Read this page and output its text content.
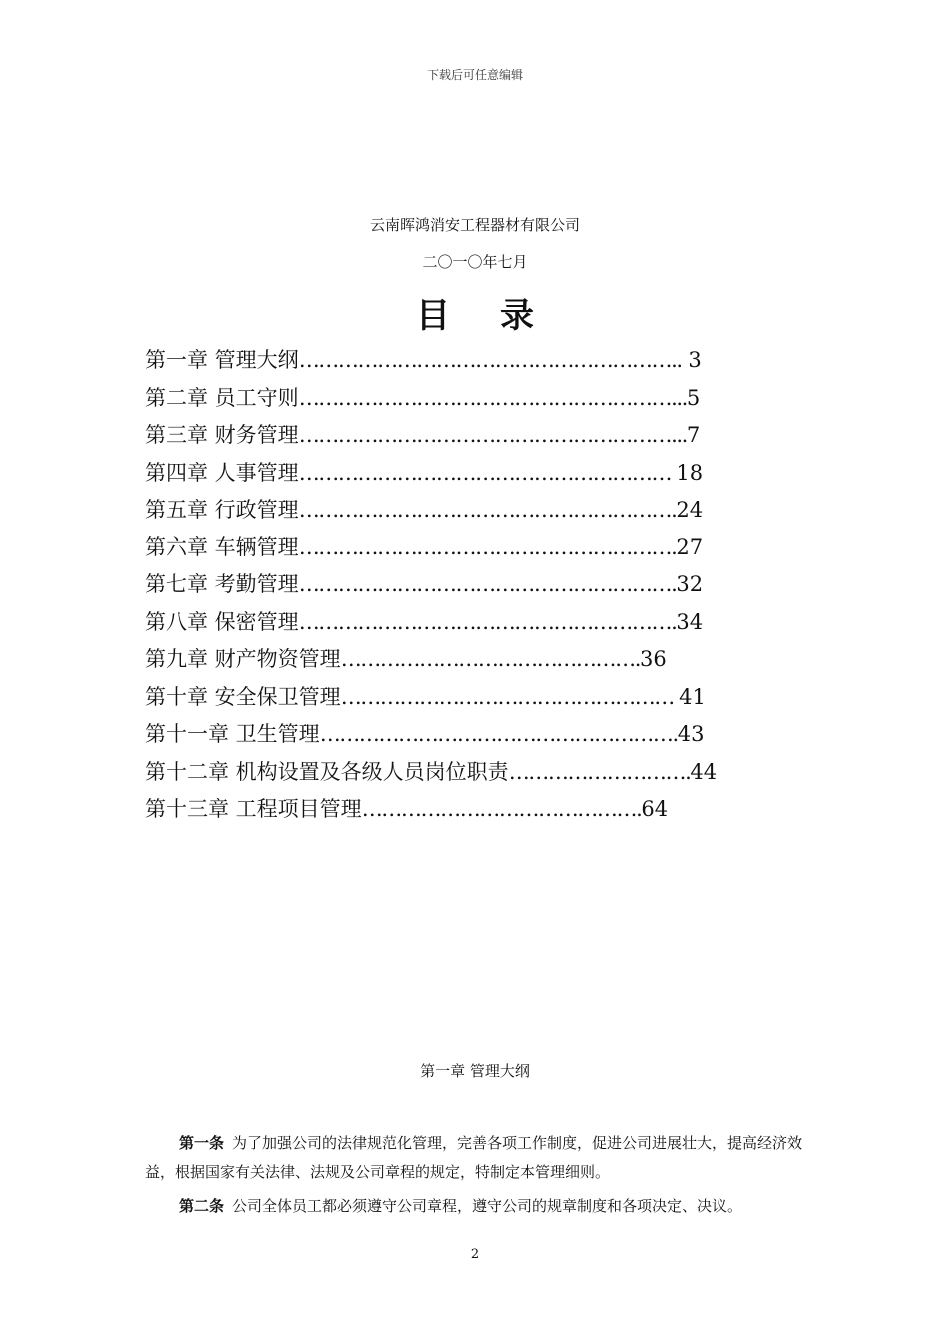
下载后可任意编辑
云南晖鸿消安工程器材有限公司
二〇一〇年七月
目录
第一章 管理大纲………………………………………………….. 3
第二章 员工守则…………………………………………………...5
第三章 财务管理…………………………………………………...7
第四章 人事管理………………………………………………… 18
第五章 行政管理………………………………………………….24
第六章 车辆管理………………………………………………….27
第七章 考勤管理………………………………………………….32
第八章 保密管理………………………………………………….34
第九章 财产物资管理……………………………………….36
第十章 安全保卫管理…………………………………………… 41
第十一章 卫生管理……………………………………………….43
第十二章 机构设置及各级人员岗位职责……………………….44
第十三章 工程项目管理…………………………………….64
第一章 管理大纲
第一条 为了加强公司的法律规范化管理，完善各项工作制度，促进公司进展壮大，提高经济效益，根据国家有关法律、法规及公司章程的规定，特制定本管理细则。
第二条 公司全体员工都必须遵守公司章程，遵守公司的规章制度和各项决定、决议。
2
